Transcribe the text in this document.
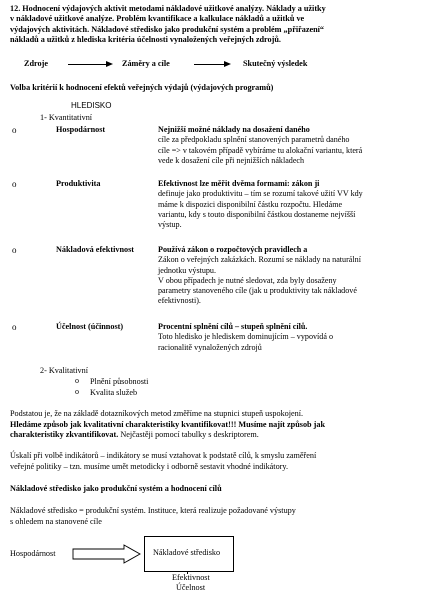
12. Hodnocení výdajových aktivit metodami nákladové užitkové analýzy. Náklady a užitky
v nákladové užitkové analýze. Problém kvantifikace a kalkulace nákladů a užitků ve
výdajových aktivitách. Nákladové středisko jako produkční systém a problém „přiřazení“
nákladů a užitků z hlediska kritéria účelnosti vynaložených veřejných zdrojů.
Zdroje	Záměry a cíle	Skutečný výsledek
Volba kritérií k hodnocení efektů veřejných výdajů (výdajových programů)
HLEDISKO
1- Kvantitativní
o	Hospodárnost	Nejnižší možné náklady na dosažení daného
cíle za předpokladu splnění stanovených parametrů daného
cíle => v takovém případě vybíráme tu alokační variantu, která
vede k dosažení cíle při nejnižších nákladech
o	Produktivita	Efektivnost lze měřit dvěma formami: zákon ji
definuje jako produktivitu – tím se rozumí takové užití VV kdy
máme k dispozici disponibilní částku rozpočtu. Hledáme
variantu, kdy s touto disponibilní částkou dostaneme nejvíšší
výstup.
o	Nákladová efektivnost	Používá zákon o rozpočtových pravidlech a
Zákon o veřejných zakázkách. Rozumí se náklady na naturální
jednotku výstupu.
V obou případech je nutné sledovat, zda byly dosaženy
parametry stanoveného cíle (jak u produktivity tak nákladové
efektivnosti).
o	Účelnost (účinnost)	Procentní splnění cílů – stupeň splnění cílů.
Toto hledisko je hlediskem dominujícím – vypovídá o
racionalitě vynaložených zdrojů
2- Kvalitativní
o Plnění působnosti
o Kvalita služeb
Podstatou je, že na základě dotazníkových metod změříme na stupnici stupeň uspokojení.
Hledáme způsob jak kvalitativní charakteristiky kvantifikovat!!! Musíme najít způsob jak
charakteristiky zkvantifikovat. Nejčastěji pomocí tabulky s deskriptorem.
Úskalí při volbě indikátorů – indikátory se musí vztahovat k podstatě cílů, k smyslu zaměření
veřejné politiky – tzn. musíme umět metodicky i odborně sestavit vhodné indikátory.
Nákladové středisko jako produkční systém a hodnocení cílů
Nákladové středisko = produkční systém. Instituce, která realizuje požadované výstupy
s ohledem na stanovené cíle
Hospodárnost	Nákladové středisko
Efektivnost
Účelnost
